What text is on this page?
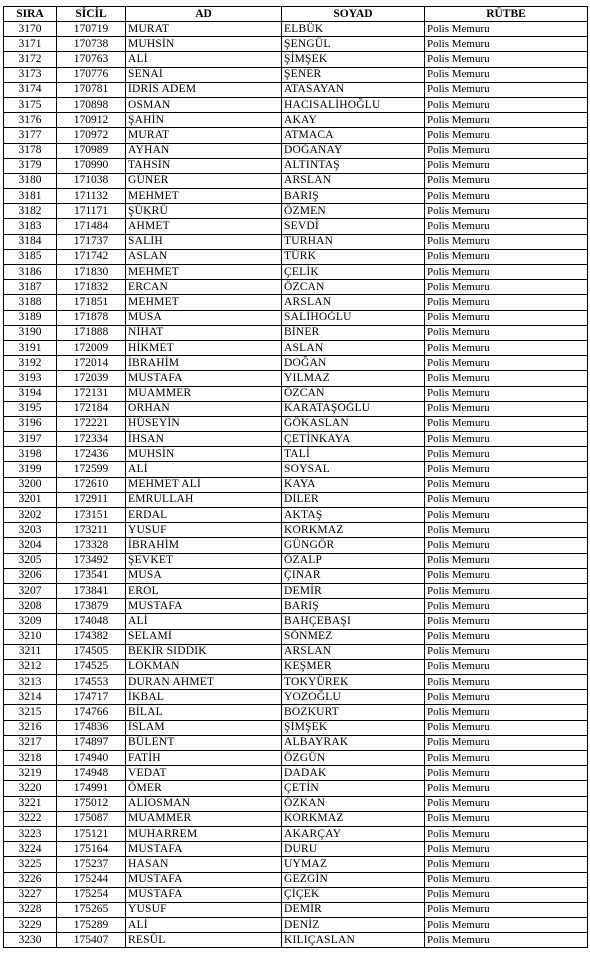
SIRA	SİCİL	AD	SOYAD	RÜTBE
3170	170719	MURAT	ELBÜK	Polis Memuru
3171	170738	MUHSİN	ŞENGÜL	Polis Memuru
3172	170763	ALİ	ŞİMŞEK	Polis Memuru
3173	170776	SENAİ	ŞENER	Polis Memuru
3174	170781	İDRİS ADEM	ATASAYAN	Polis Memuru
3175	170898	OSMAN	HACISALİHOĞLU	Polis Memuru
3176	170912	ŞAHİN	AKAY	Polis Memuru
3177	170972	MURAT	ATMACA	Polis Memuru
3178	170989	AYHAN	DOĞANAY	Polis Memuru
3179	170990	TAHSİN	ALTINTAŞ	Polis Memuru
3180	171038	GÜNER	ARSLAN	Polis Memuru
3181	171132	MEHMET	BARIŞ	Polis Memuru
3182	171171	ŞÜKRÜ	ÖZMEN	Polis Memuru
3183	171484	AHMET	SEVDİ	Polis Memuru
3184	171737	SALİH	TURHAN	Polis Memuru
3185	171742	ASLAN	TÜRK	Polis Memuru
3186	171830	MEHMET	ÇELİK	Polis Memuru
3187	171832	ERCAN	ÖZCAN	Polis Memuru
3188	171851	MEHMET	ARSLAN	Polis Memuru
3189	171878	MUSA	SALİHOĞLU	Polis Memuru
3190	171888	NİHAT	BİNER	Polis Memuru
3191	172009	HİKMET	ASLAN	Polis Memuru
3192	172014	İBRAHİM	DOĞAN	Polis Memuru
3193	172039	MUSTAFA	YILMAZ	Polis Memuru
3194	172131	MUAMMER	ÖZCAN	Polis Memuru
3195	172184	ORHAN	KARATAŞOĞLU	Polis Memuru
3196	172221	HÜSEYİN	GÖKASLAN	Polis Memuru
3197	172334	İHSAN	ÇETİNKAYA	Polis Memuru
3198	172436	MUHSİN	TALİ	Polis Memuru
3199	172599	ALİ	SOYSAL	Polis Memuru
3200	172610	MEHMET ALİ	KAYA	Polis Memuru
3201	172911	EMRULLAH	DİLER	Polis Memuru
3202	173151	ERDAL	AKTAŞ	Polis Memuru
3203	173211	YUSUF	KORKMAZ	Polis Memuru
3204	173328	İBRAHİM	GÜNGÖR	Polis Memuru
3205	173492	ŞEVKET	ÖZALP	Polis Memuru
3206	173541	MUSA	ÇINAR	Polis Memuru
3207	173841	EROL	DEMİR	Polis Memuru
3208	173879	MUSTAFA	BARIŞ	Polis Memuru
3209	174048	ALİ	BAHÇEBAŞI	Polis Memuru
3210	174382	SELAMİ	SÖNMEZ	Polis Memuru
3211	174505	BEKİR SIDDIK	ARSLAN	Polis Memuru
3212	174525	LOKMAN	KEŞMER	Polis Memuru
3213	174553	DURAN AHMET	TOKYÜREK	Polis Memuru
3214	174717	İKBAL	YOZOĞLU	Polis Memuru
3215	174766	BİLAL	BOZKURT	Polis Memuru
3216	174836	İSLAM	ŞİMŞEK	Polis Memuru
3217	174897	BÜLENT	ALBAYRAK	Polis Memuru
3218	174940	FATİH	ÖZGÜN	Polis Memuru
3219	174948	VEDAT	DADAK	Polis Memuru
3220	174991	ÖMER	ÇETİN	Polis Memuru
3221	175012	ALİOSMAN	ÖZKAN	Polis Memuru
3222	175087	MUAMMER	KORKMAZ	Polis Memuru
3223	175121	MUHARREM	AKARÇAY	Polis Memuru
3224	175164	MUSTAFA	DURU	Polis Memuru
3225	175237	HASAN	UYMAZ	Polis Memuru
3226	175244	MUSTAFA	GEZGİN	Polis Memuru
3227	175254	MUSTAFA	ÇİÇEK	Polis Memuru
3228	175265	YUSUF	DEMİR	Polis Memuru
3229	175289	ALİ	DENİZ	Polis Memuru
3230	175407	RESÜL	KILIÇASLAN	Polis Memuru
